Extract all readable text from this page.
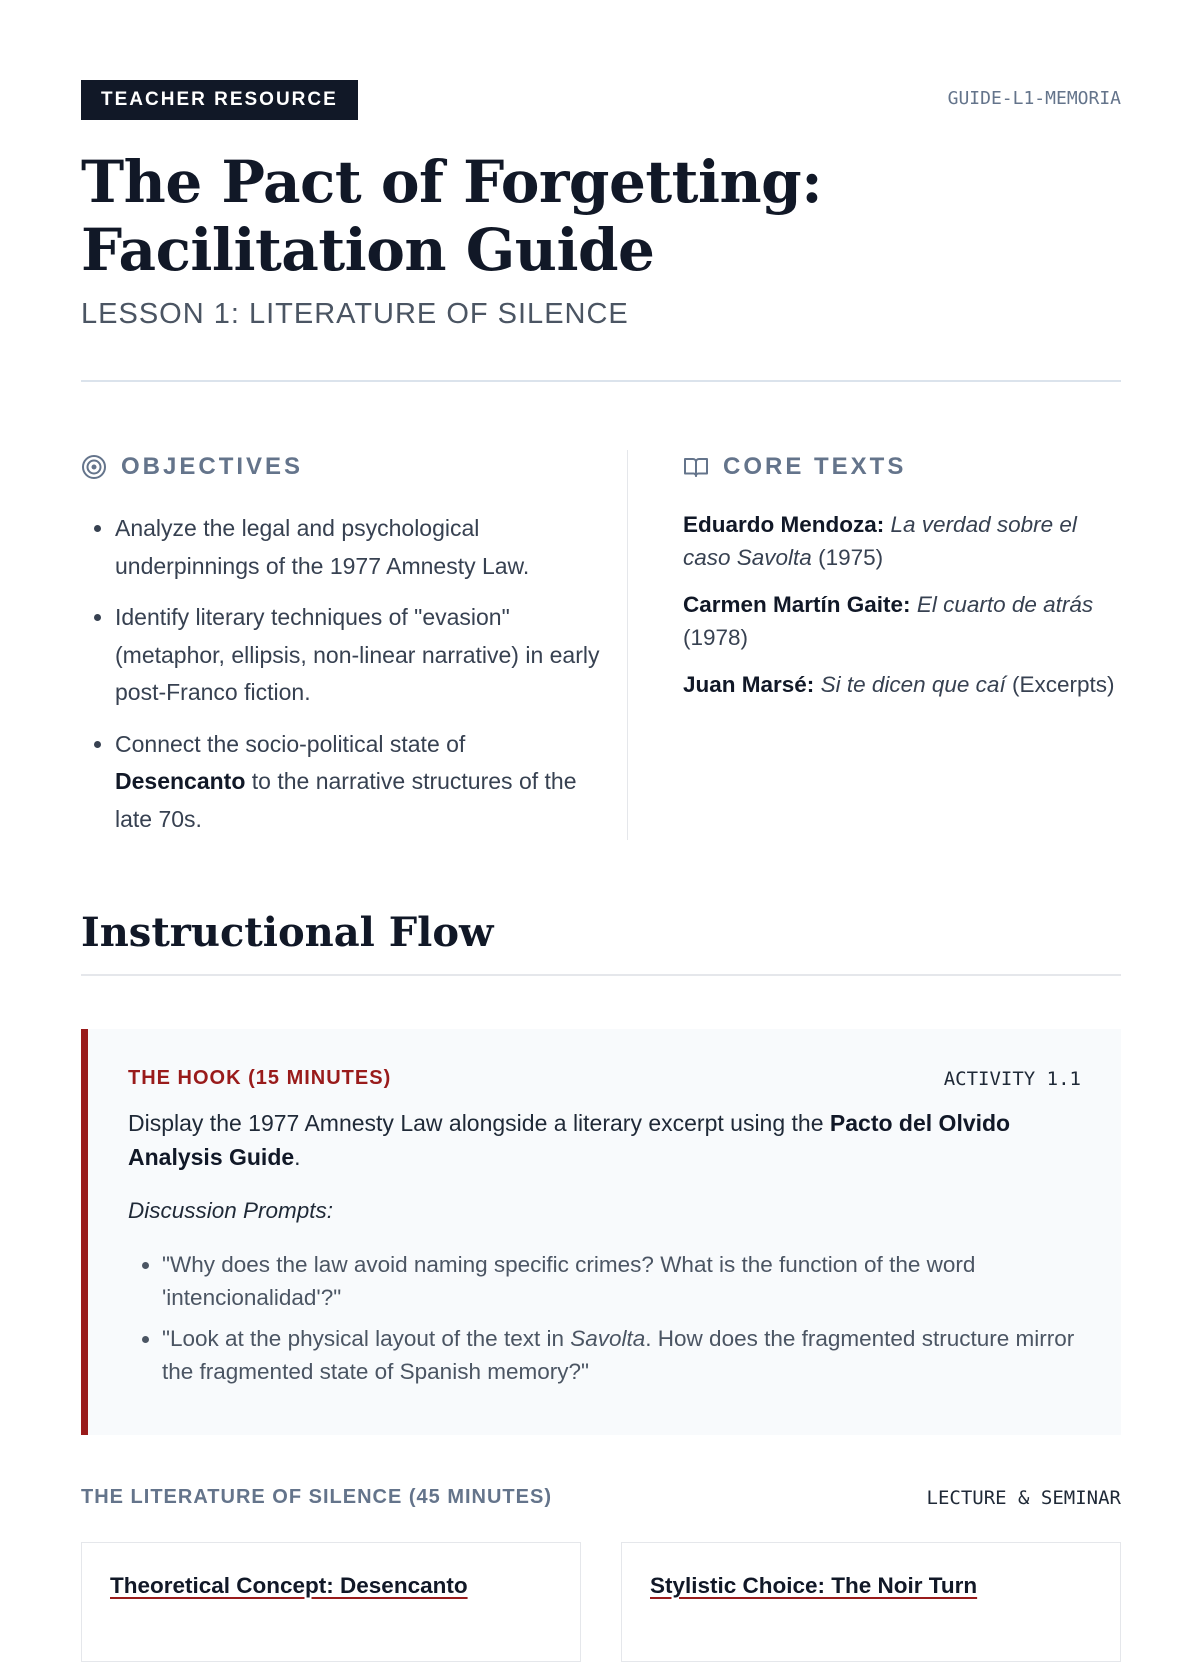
TEACHER RESOURCE	GUIDE-L1-MEMORIA
The Pact of Forgetting: Facilitation Guide
LESSON 1: LITERATURE OF SILENCE
OBJECTIVES
• Analyze the legal and psychological underpinnings of the 1977 Amnesty Law.
• Identify literary techniques of "evasion" (metaphor, ellipsis, non-linear narrative) in early post-Franco fiction.
• Connect the socio-political state of Desencanto to the narrative structures of the late 70s.
CORE TEXTS
Eduardo Mendoza: La verdad sobre el caso Savolta (1975)
Carmen Martín Gaite: El cuarto de atrás (1978)
Juan Marsé: Si te dicen que caí (Excerpts)
Instructional Flow
THE HOOK (15 MINUTES)	ACTIVITY 1.1
Display the 1977 Amnesty Law alongside a literary excerpt using the Pacto del Olvido Analysis Guide.
Discussion Prompts:
• "Why does the law avoid naming specific crimes? What is the function of the word 'intencionalidad'?"
• "Look at the physical layout of the text in Savolta. How does the fragmented structure mirror the fragmented state of Spanish memory?"
THE LITERATURE OF SILENCE (45 MINUTES)	LECTURE & SEMINAR
Theoretical Concept: Desencanto	Stylistic Choice: The Noir Turn
